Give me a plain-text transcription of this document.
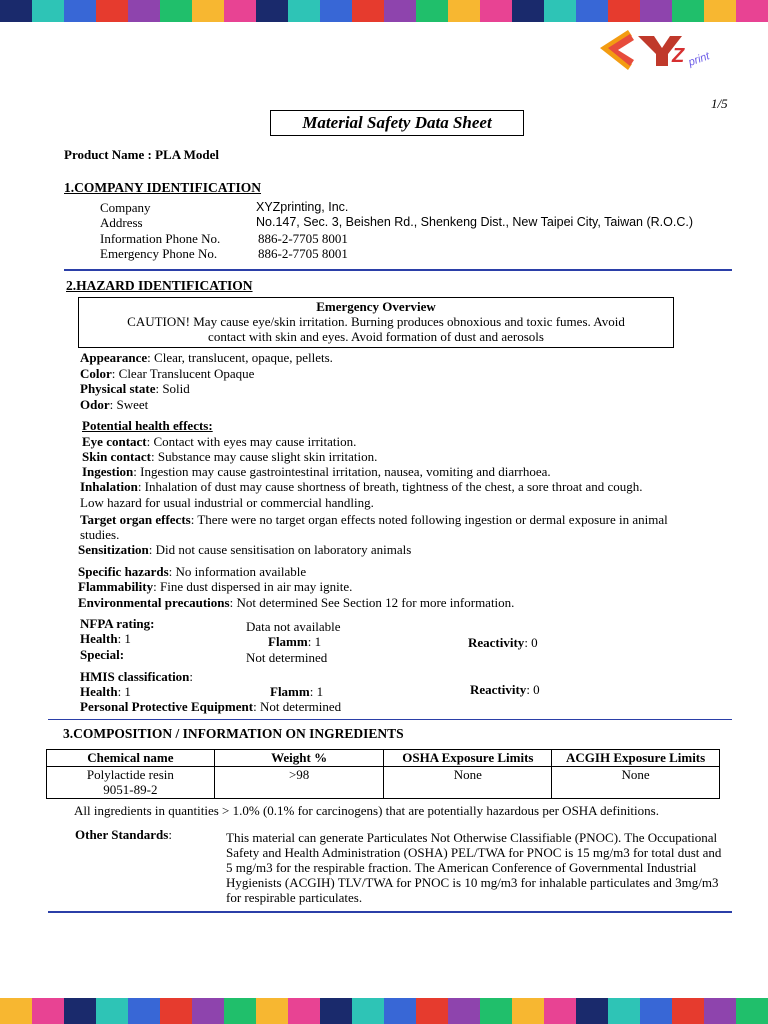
Z print
1/5
Material Safety Data Sheet
Product Name : PLA Model
1.COMPANY IDENTIFICATION
Company	XYZprinting, Inc.
Address	No.147, Sec. 3, Beishen Rd., Shenkeng Dist., New Taipei City, Taiwan (R.O.C.)
Information Phone No.	886-2-7705 8001
Emergency Phone No.	886-2-7705 8001
2.HAZARD IDENTIFICATION
Emergency Overview
CAUTION! May cause eye/skin irritation. Burning produces obnoxious and toxic fumes. Avoid
contact with skin and eyes. Avoid formation of dust and aerosols
Appearance: Clear, translucent, opaque, pellets.
Color: Clear Translucent Opaque
Physical state: Solid
Odor: Sweet
Potential health effects:
Eye contact: Contact with eyes may cause irritation.
Skin contact: Substance may cause slight skin irritation.
Ingestion: Ingestion may cause gastrointestinal irritation, nausea, vomiting and diarrhoea.
Inhalation: Inhalation of dust may cause shortness of breath, tightness of the chest, a sore throat and cough.
Low hazard for usual industrial or commercial handling.
Target organ effects: There were no target organ effects noted following ingestion or dermal exposure in animal
studies.
Sensitization: Did not cause sensitisation on laboratory animals
Specific hazards: No information available
Flammability: Fine dust dispersed in air may ignite.
Environmental precautions: Not determined See Section 12 for more information.
NFPA rating:	Data not available
Health: 1	Flamm: 1	Reactivity: 0
Special:	Not determined
HMIS classification:
Health: 1	Flamm: 1	Reactivity: 0
Personal Protective Equipment: Not determined
3.COMPOSITION / INFORMATION ON INGREDIENTS
Chemical name	Weight %	OSHA Exposure Limits	ACGIH Exposure Limits

Polylactide resin
9051-89-2	>98	None	None
All ingredients in quantities > 1.0% (0.1% for carcinogens) that are potentially hazardous per OSHA definitions.
Other Standards:	This material can generate Particulates Not Otherwise Classifiable (PNOC). The Occupational Safety and Health Administration (OSHA) PEL/TWA for PNOC is 15 mg/m3 for total dust and 5 mg/m3 for the respirable fraction. The American Conference of Governmental Industrial Hygienists (ACGIH) TLV/TWA for PNOC is 10 mg/m3 for inhalable particulates and 3mg/m3 for respirable particulates.
